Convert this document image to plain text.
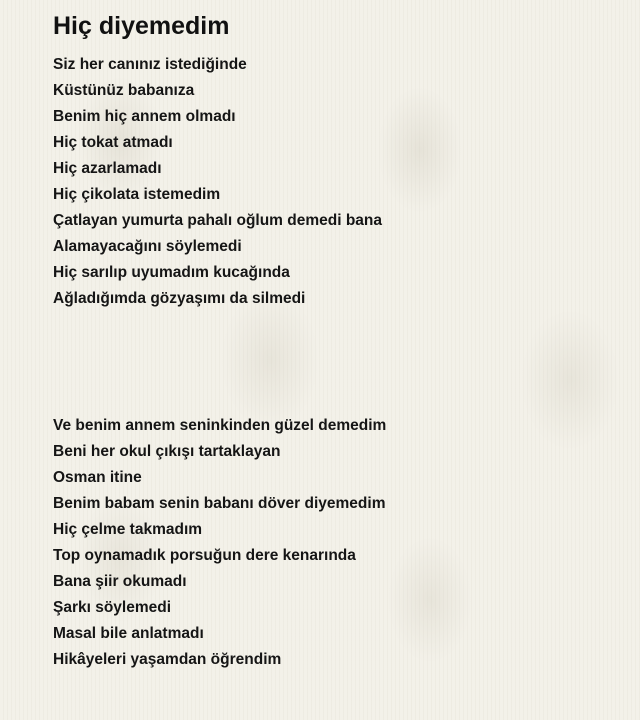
Hiç diyemedim
Siz her canınız istediğinde
Küstünüz babanıza
Benim hiç annem olmadı
Hiç tokat atmadı
Hiç azarlamadı
Hiç çikolata istemedim
Çatlayan yumurta pahalı oğlum demedi bana
Alamayacağını söylemedi
Hiç sarılıp uyumadım kucağında
Ağladığımda gözyaşımı da silmedi
Ve benim annem seninkinden güzel demedim
Beni her okul çıkışı tartaklayan
Osman itine
Benim babam senin babanı döver diyemedim
Hiç çelme takmadım
Top oynamadık porsuğun dere kenarında
Bana şiir okumadı
Şarkı söylemedi
Masal bile anlatmadı
Hikâyeleri yaşamdan öğrendim
